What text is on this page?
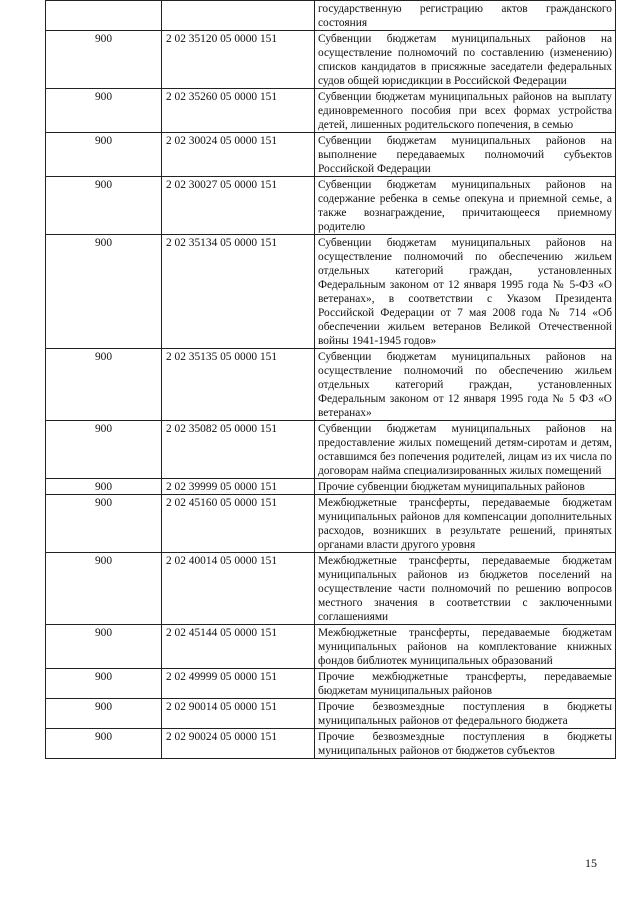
		государственную регистрацию актов гражданского состояния
900	2 02 35120 05 0000 151	Субвенции бюджетам муниципальных районов на осуществление полномочий по составлению (изменению) списков кандидатов в присяжные заседатели федеральных судов общей юрисдикции в Российской Федерации
900	2 02 35260 05 0000 151	Субвенции бюджетам муниципальных районов на выплату единовременного пособия при всех формах устройства детей, лишенных родительского попечения, в семью
900	2 02 30024 05 0000 151	Субвенции бюджетам муниципальных районов на выполнение передаваемых полномочий субъектов Российской Федерации
900	2 02 30027 05 0000 151	Субвенции бюджетам муниципальных районов на содержание ребенка в семье опекуна и приемной семье, а также вознаграждение, причитающееся приемному родителю
900	2 02 35134 05 0000 151	Субвенции бюджетам муниципальных районов на осуществление полномочий по обеспечению жильем отдельных категорий граждан, установленных Федеральным законом от 12 января 1995 года № 5-ФЗ «О ветеранах», в соответствии с Указом Президента Российской Федерации от 7 мая 2008 года № 714 «Об обеспечении жильем ветеранов Великой Отечественной войны 1941-1945 годов»
900	2 02 35135 05 0000 151	Субвенции бюджетам муниципальных районов на осуществление полномочий по обеспечению жильем отдельных категорий граждан, установленных Федеральным законом от 12 января 1995 года № 5 ФЗ «О ветеранах»
900	2 02 35082 05 0000 151	Субвенции бюджетам муниципальных районов на предоставление жилых помещений детям-сиротам и детям, оставшимся без попечения родителей, лицам из их числа по договорам найма специализированных жилых помещений
900	2 02 39999 05 0000 151	Прочие субвенции бюджетам муниципальных районов
900	2 02 45160 05 0000 151	Межбюджетные трансферты, передаваемые бюджетам муниципальных районов для компенсации дополнительных расходов, возникших в результате решений, принятых органами власти другого уровня
900	2 02 40014 05 0000 151	Межбюджетные трансферты, передаваемые бюджетам муниципальных районов из бюджетов поселений на осуществление части полномочий по решению вопросов местного значения в соответствии с заключенными соглашениями
900	2 02 45144 05 0000 151	Межбюджетные трансферты, передаваемые бюджетам муниципальных районов на комплектование книжных фондов библиотек муниципальных образований
900	2 02 49999 05 0000 151	Прочие межбюджетные трансферты, передаваемые бюджетам муниципальных районов
900	2 02 90014 05 0000 151	Прочие безвозмездные поступления в бюджеты муниципальных районов от федерального бюджета
900	2 02 90024 05 0000 151	Прочие безвозмездные поступления в бюджеты муниципальных районов от бюджетов субъектов
15
